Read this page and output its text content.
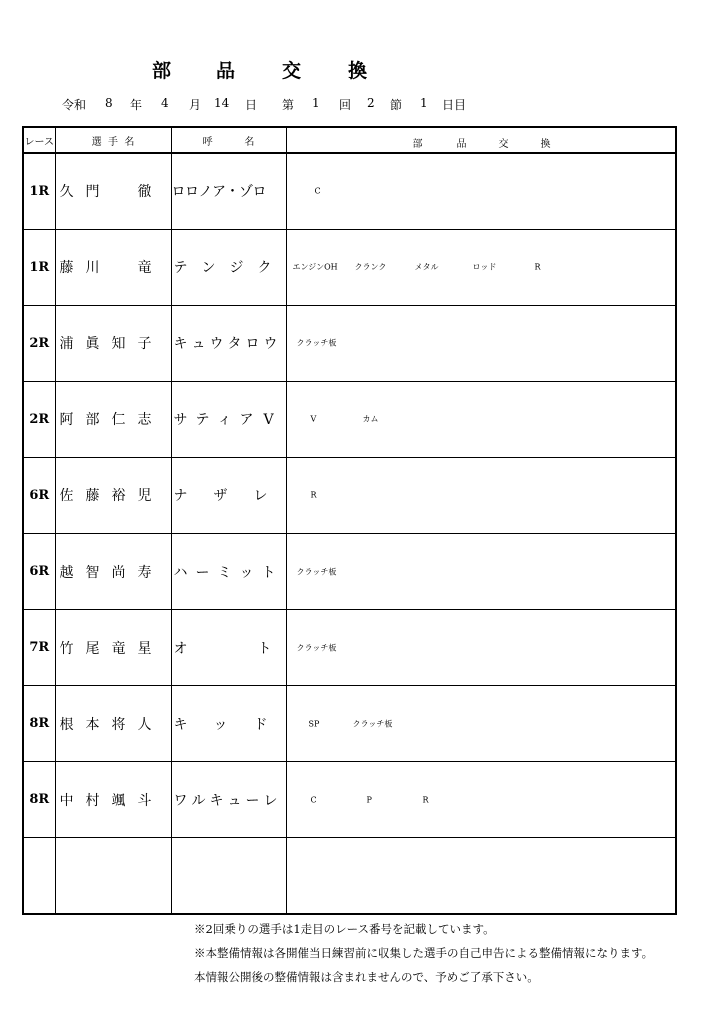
部 品 交 換
令和 8 年 4 月 14 日 第 1 回 2 節 1 日目
レース	選 手 名	呼 名	部 品 交 換

1R	久 門 徹	ロロノア・ゾロ	C

1R	藤 川 竜	テ ン ジ ク	エンジンOH クランク メタル ロッド R

2R	浦 眞 知 子	キ ュ ウ タ ロ ウ	クラッチ板

2R	阿 部 仁 志	サ テ ィ ア V	V カム

6R	佐 藤 裕 児	ナ ザ レ	R

6R	越 智 尚 寿	ハ ー ミ ッ ト	クラッチ板

7R	竹 尾 竜 星	オ ト	クラッチ板

8R	根 本 将 人	キ ッ ド	SP クラッチ板

8R	中 村 颯 斗	ワ ル キ ュ ー レ	C P R

※2回乗りの選手は1走目のレース番号を記載しています。
※本整備情報は各開催当日練習前に収集した選手の自己申告による整備情報になります。
本情報公開後の整備情報は含まれませんので、予めご了承下さい。
